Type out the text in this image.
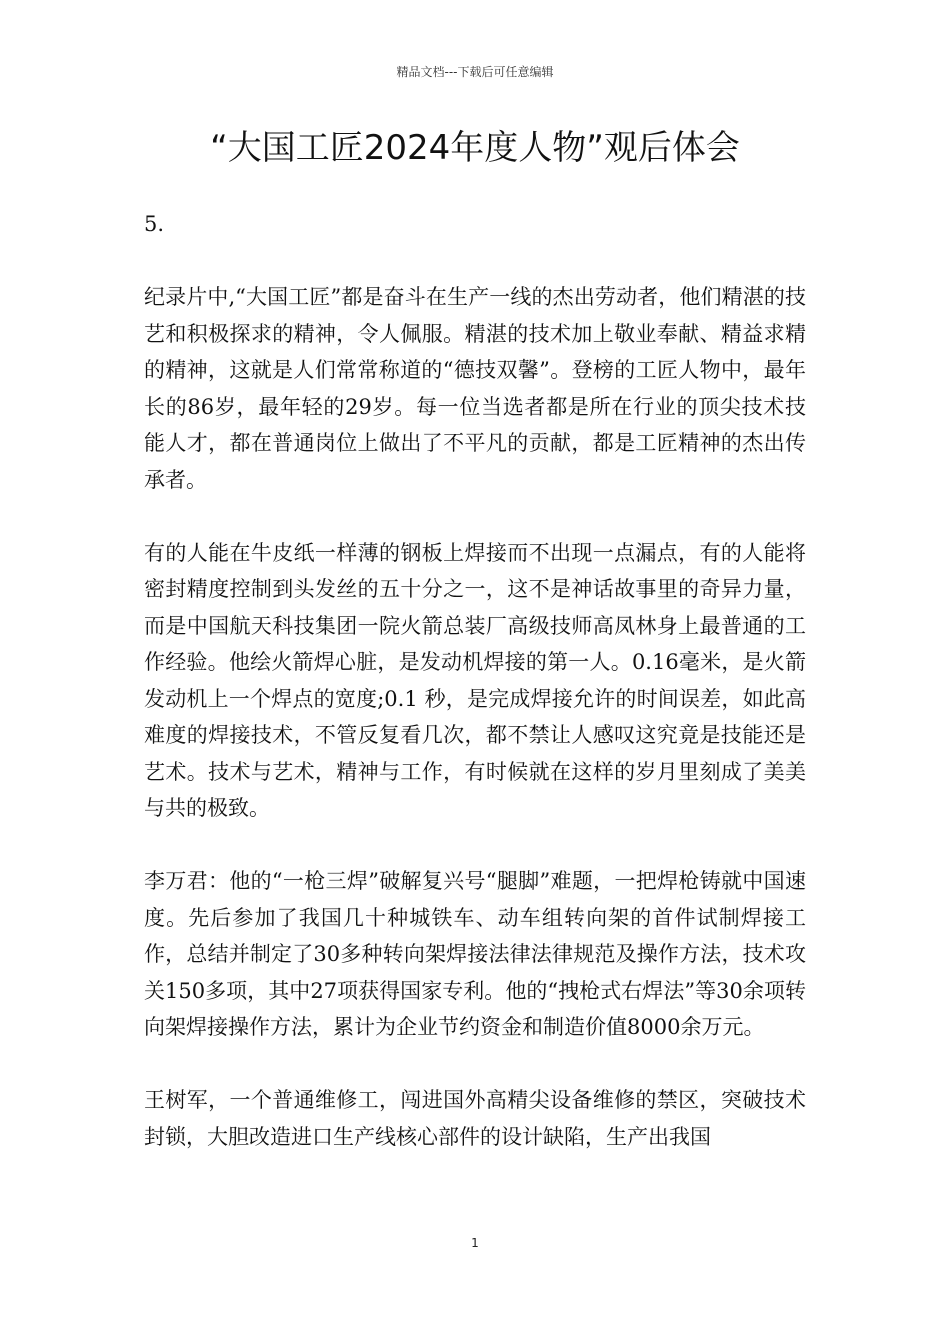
精品文档---下载后可任意编辑
“大国工匠2024年度人物”观后体会

5.

纪录片中,“大国工匠”都是奋斗在生产一线的杰出劳动者，他们精湛的技艺和积极探求的精神，令人佩服。精湛的技术加上敬业奉献、精益求精的精神，这就是人们常常称道的“德技双馨”。登榜的工匠人物中，最年长的86岁，最年轻的29岁。每一位当选者都是所在行业的顶尖技术技能人才，都在普通岗位上做出了不平凡的贡献，都是工匠精神的杰出传承者。

有的人能在牛皮纸一样薄的钢板上焊接而不出现一点漏点，有的人能将密封精度控制到头发丝的五十分之一，这不是神话故事里的奇异力量，而是中国航天科技集团一院火箭总装厂高级技师高凤林身上最普通的工作经验。他绘火箭焊心脏，是发动机焊接的第一人。0.16毫米，是火箭发动机上一个焊点的宽度;0.1 秒，是完成焊接允许的时间误差，如此高难度的焊接技术，不管反复看几次，都不禁让人感叹这究竟是技能还是艺术。技术与艺术，精神与工作，有时候就在这样的岁月里刻成了美美与共的极致。

李万君：他的“一枪三焊”破解复兴号“腿脚”难题，一把焊枪铸就中国速度。先后参加了我国几十种城铁车、动车组转向架的首件试制焊接工作，总结并制定了30多种转向架焊接法律法律规范及操作方法，技术攻关150多项，其中27项获得国家专利。他的“拽枪式右焊法”等30余项转向架焊接操作方法，累计为企业节约资金和制造价值8000余万元。

王树军，一个普通维修工，闯进国外高精尖设备维修的禁区，突破技术封锁，大胆改造进口生产线核心部件的设计缺陷，生产出我国

1
